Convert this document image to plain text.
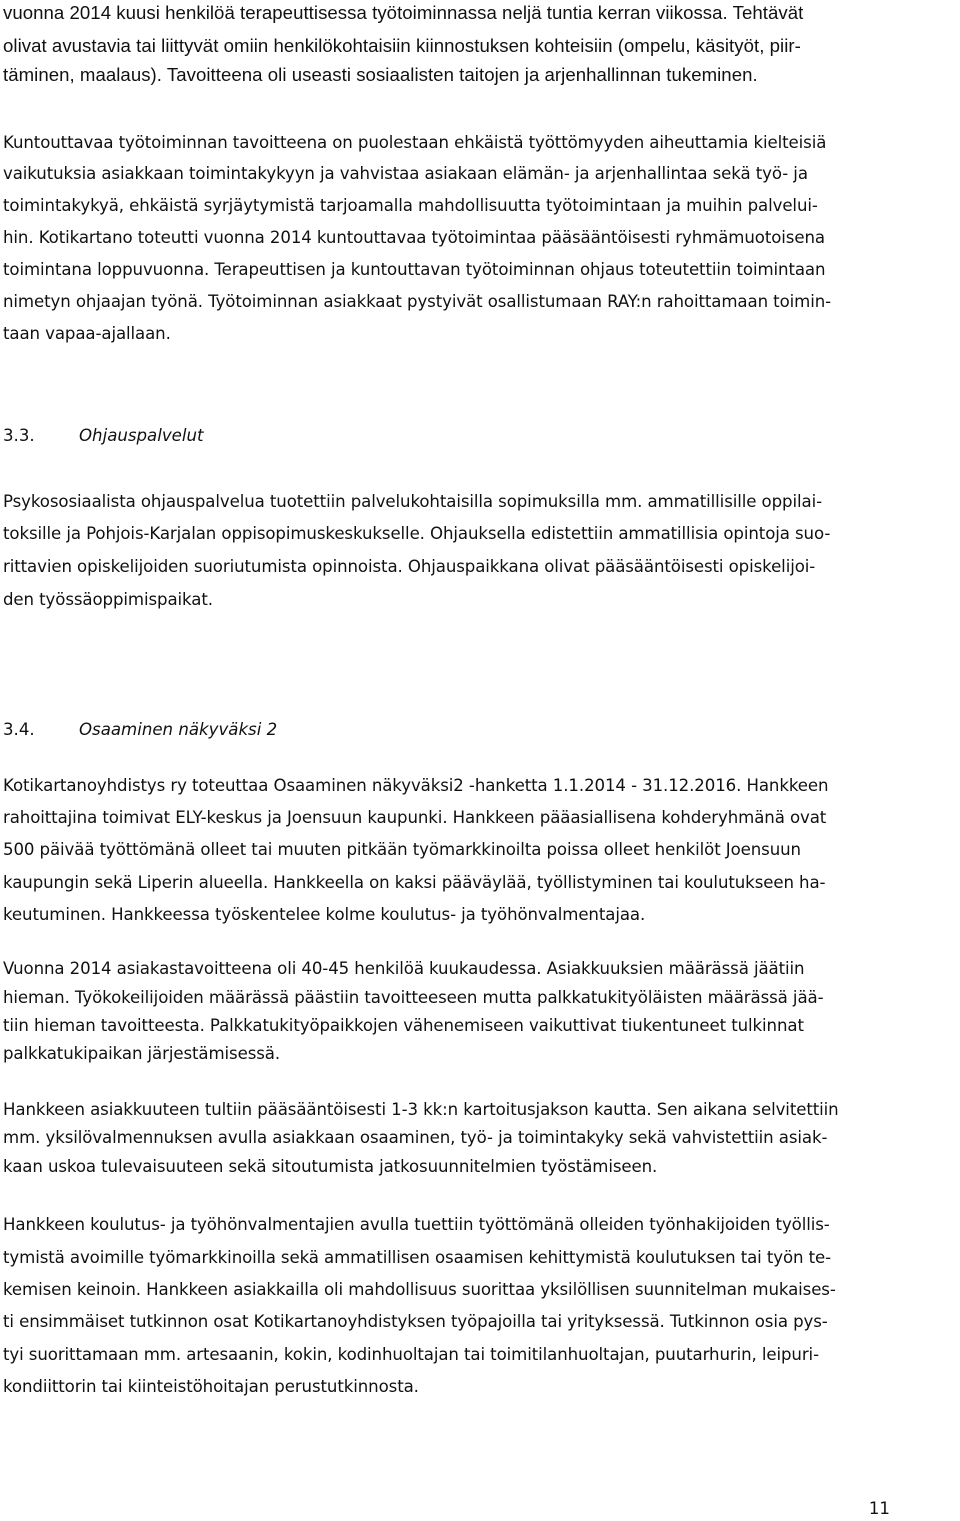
vuonna 2014 kuusi henkilöä terapeuttisessa työtoiminnassa neljä tuntia kerran viikossa. Tehtävät
olivat avustavia tai liittyvät omiin henkilökohtaisiin kiinnostuksen kohteisiin (ompelu, käsityöt, piir-
täminen, maalaus). Tavoitteena oli useasti sosiaalisten taitojen ja arjenhallinnan tukeminen.
Kuntouttavaa työtoiminnan tavoitteena on puolestaan ehkäistä työttömyyden aiheuttamia kielteisiä
vaikutuksia asiakkaan toimintakykyyn ja vahvistaa asiakaan elämän- ja arjenhallintaa sekä työ- ja
toimintakykyä, ehkäistä syrjäytymistä tarjoamalla mahdollisuutta työtoimintaan ja muihin palvelui-
hin. Kotikartano toteutti vuonna 2014 kuntouttavaa työtoimintaa pääsääntöisesti ryhmämuotoisena
toimintana loppuvuonna. Terapeuttisen ja kuntouttavan työtoiminnan ohjaus toteutettiin toimintaan
nimetyn ohjaajan työnä. Työtoiminnan asiakkaat pystyivät osallistumaan RAY:n rahoittamaan toimin-
taan vapaa-ajallaan.
3.3.	Ohjauspalvelut
Psykososiaalista ohjauspalvelua tuotettiin palvelukohtaisilla sopimuksilla mm. ammatillisille oppilai-
toksille ja Pohjois-Karjalan oppisopimuskeskukselle. Ohjauksella edistettiin ammatillisia opintoja suo-
rittavien opiskelijoiden suoriutumista opinnoista. Ohjauspaikkana olivat pääsääntöisesti opiskelijoi-
den työssäoppimispaikat.
3.4.	Osaaminen näkyväksi 2
Kotikartanoyhdistys ry toteuttaa Osaaminen näkyväksi2 -hanketta 1.1.2014 - 31.12.2016. Hankkeen
rahoittajina toimivat ELY-keskus ja Joensuun kaupunki. Hankkeen pääasiallisena kohderyhmänä ovat
500 päivää työttömänä olleet tai muuten pitkään työmarkkinoilta poissa olleet henkilöt Joensuun
kaupungin sekä Liperin alueella. Hankkeella on kaksi pääväylää, työllistyminen tai koulutukseen ha-
keutuminen. Hankkeessa työskentelee kolme koulutus- ja työhönvalmentajaa.
Vuonna 2014 asiakastavoitteena oli 40-45 henkilöä kuukaudessa. Asiakkuuksien määrässä jäätiin
hieman. Työkokeilijoiden määrässä päästiin tavoitteeseen mutta palkkatukityöläisten määrässä jää-
tiin hieman tavoitteesta. Palkkatukityöpaikkojen vähenemiseen vaikuttivat tiukentuneet tulkinnat
palkkatukipaikan järjestämisessä.
Hankkeen asiakkuuteen tultiin pääsääntöisesti 1-3 kk:n kartoitusjakson kautta. Sen aikana selvitettiin
mm. yksilövalmennuksen avulla asiakkaan osaaminen, työ- ja toimintakyky sekä vahvistettiin asiak-
kaan uskoa tulevaisuuteen sekä sitoutumista jatkosuunnitelmien työstämiseen.
Hankkeen koulutus- ja työhönvalmentajien avulla tuettiin työttömänä olleiden työnhakijoiden työllis-
tymistä avoimille työmarkkinoilla sekä ammatillisen osaamisen kehittymistä koulutuksen tai työn te-
kemisen keinoin. Hankkeen asiakkailla oli mahdollisuus suorittaa yksilöllisen suunnitelman mukaises-
ti ensimmäiset tutkinnon osat Kotikartanoyhdistyksen työpajoilla tai yrityksessä. Tutkinnon osia pys-
tyi suorittamaan mm. artesaanin, kokin, kodinhuoltajan tai toimitilanhuoltajan, puutarhurin, leipuri-
kondiittorin tai kiinteistöhoitajan perustutkinnosta.
11
